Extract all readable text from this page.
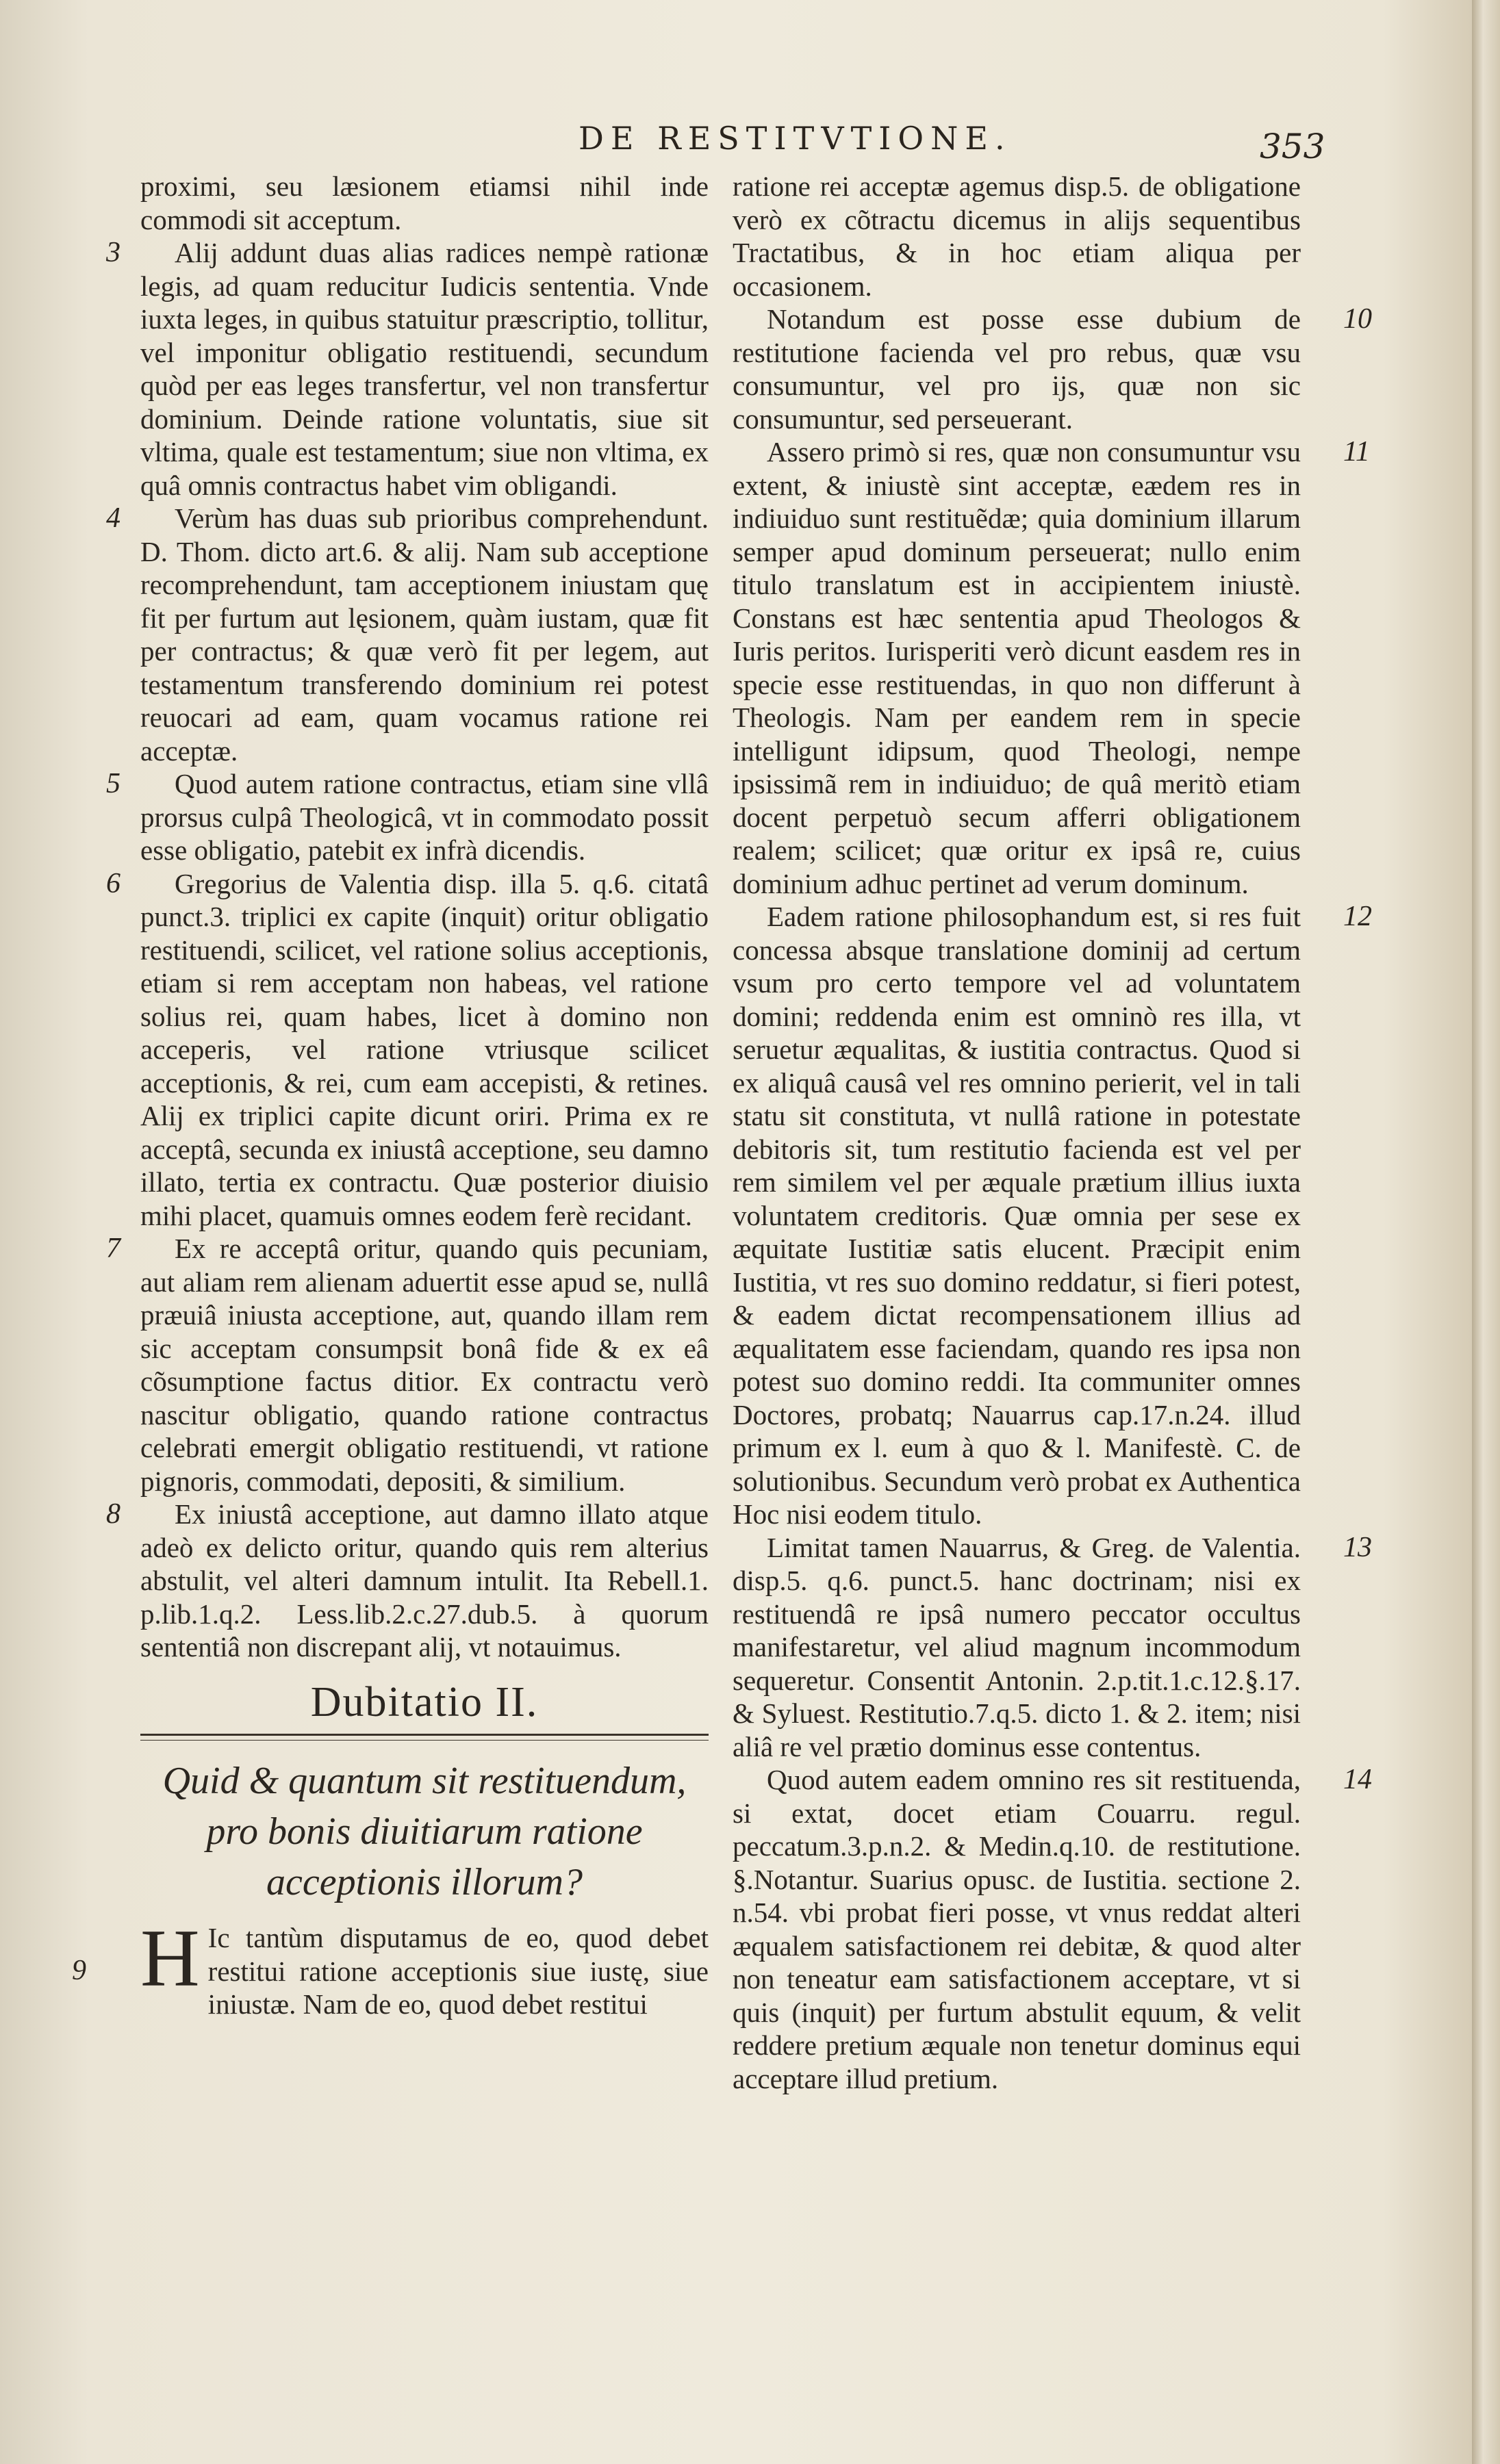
DE RESTITVTIONE.	353

proximi, seu læsionem etiamsi nihil inde commodi sit acceptum.

3 Alij addunt duas alias radices nempè rationæ legis, ad quam reducitur Iudicis sententia. Vnde iuxta leges, in quibus statuitur præscriptio, tollitur, vel imponitur obligatio restituendi, secundum quòd per eas leges transfertur, vel non transfertur dominium. Deinde ratione voluntatis, siue sit vltima, quale est testamentum; siue non vltima, ex quâ omnis contractus habet vim obligandi.

4 Verùm has duas sub prioribus comprehendunt. D. Thom. dicto art.6. & alij. Nam sub acceptione recomprehendunt, tam acceptionem iniustam quę fit per furtum aut lęsionem, quàm iustam, quæ fit per contractus; & quæ verò fit per legem, aut testamentum transferendo dominium rei potest reuocari ad eam, quam vocamus ratione rei acceptæ.

5 Quod autem ratione contractus, etiam sine vllâ prorsus culpâ Theologicâ, vt in commodato possit esse obligatio, patebit ex infrà dicendis.

6 Gregorius de Valentia disp. illa 5. q.6. citatâ punct.3. triplici ex capite (inquit) oritur obligatio restituendi, scilicet, vel ratione solius acceptionis, etiam si rem acceptam non habeas, vel ratione solius rei, quam habes, licet à domino non acceperis, vel ratione vtriusque scilicet acceptionis, & rei, cum eam accepisti, & retines. Alij ex triplici capite dicunt oriri. Prima ex re acceptâ, secunda ex iniustâ acceptione, seu damno illato, tertia ex contractu. Quæ posterior diuisio mihi placet, quamuis omnes eodem ferè recidant.

7 Ex re acceptâ oritur, quando quis pecuniam, aut aliam rem alienam aduertit esse apud se, nullâ præuiâ iniusta acceptione, aut, quando illam rem sic acceptam consumpsit bonâ fide & ex eâ cõsumptione factus ditior. Ex contractu verò nascitur obligatio, quando ratione contractus celebrati emergit obligatio restituendi, vt ratione pignoris, commodati, depositi, & similium.

8 Ex iniustâ acceptione, aut damno illato atque adeò ex delicto oritur, quando quis rem alterius abstulit, vel alteri damnum intulit. Ita Rebell.1. p.lib.1.q.2. Less.lib.2.c.27.dub.5. à quorum sententiâ non discrepant alij, vt notauimus.

Dubitatio II.
Quid & quantum sit restituendum, pro bonis diuitiarum ratione acceptionis illorum?

9 H Ic tantùm disputamus de eo, quod debet restitui ratione acceptionis siue iustę, siue iniustæ. Nam de eo, quod debet restitui

ratione rei acceptæ agemus disp.5. de obligatione verò ex cõtractu dicemus in alijs sequentibus Tractatibus, & in hoc etiam aliqua per occasionem.

10
Notandum est posse esse dubium de restitutione facienda vel pro rebus, quæ vsu consumuntur, vel pro ijs, quæ non sic consumuntur, sed perseuerant.

11
Assero primò si res, quæ non consumuntur vsu extent, & iniustè sint acceptæ, eædem res in indiuiduo sunt restituẽdæ; quia dominium illarum semper apud dominum perseuerat; nullo enim titulo translatum est in accipientem iniustè. Constans est hæc sententia apud Theologos & Iuris peritos. Iurisperiti verò dicunt easdem res in specie esse restituendas, in quo non differunt à Theologis. Nam per eandem rem in specie intelligunt idipsum, quod Theologi, nempe ipsissimã rem in indiuiduo; de quâ meritò etiam docent perpetuò secum afferri obligationem realem; scilicet; quæ oritur ex ipsâ re, cuius dominium adhuc pertinet ad verum dominum.

12
Eadem ratione philosophandum est, si res fuit concessa absque translatione dominij ad certum vsum pro certo tempore vel ad voluntatem domini; reddenda enim est omninò res illa, vt seruetur æqualitas, & iustitia contractus. Quod si ex aliquâ causâ vel res omnino perierit, vel in tali statu sit constituta, vt nullâ ratione in potestate debitoris sit, tum restitutio facienda est vel per rem similem vel per æquale prætium illius iuxta voluntatem creditoris. Quæ omnia per sese ex æquitate Iustitiæ satis elucent. Præcipit enim Iustitia, vt res suo domino reddatur, si fieri potest, & eadem dictat recompensationem illius ad æqualitatem esse faciendam, quando res ipsa non potest suo domino reddi. Ita communiter omnes Doctores, probatq; Nauarrus cap.17.n.24. illud primum ex l. eum à quo & l. Manifestè. C. de solutionibus. Secundum verò probat ex Authentica Hoc nisi eodem titulo.

13
Limitat tamen Nauarrus, & Greg. de Valentia. disp.5. q.6. punct.5. hanc doctrinam; nisi ex restituendâ re ipsâ numero peccator occultus manifestaretur, vel aliud magnum incommodum sequeretur. Consentit Antonin. 2.p.tit.1.c.12.§.17. & Syluest. Restitutio.7.q.5. dicto 1. & 2. item; nisi aliâ re vel prætio dominus esse contentus.

14
Quod autem eadem omnino res sit restituenda, si extat, docet etiam Couarru. regul. peccatum.3.p.n.2. & Medin.q.10. de restitutione. §.Notantur. Suarius opusc. de Iustitia. sectione 2. n.54. vbi probat fieri posse, vt vnus reddat alteri æqualem satisfactionem rei debitæ, & quod alter non teneatur eam satisfactionem acceptare, vt si quis (inquit) per furtum abstulit equum, & velit reddere pretium æquale non tenetur dominus equi acceptare illud pretium.
